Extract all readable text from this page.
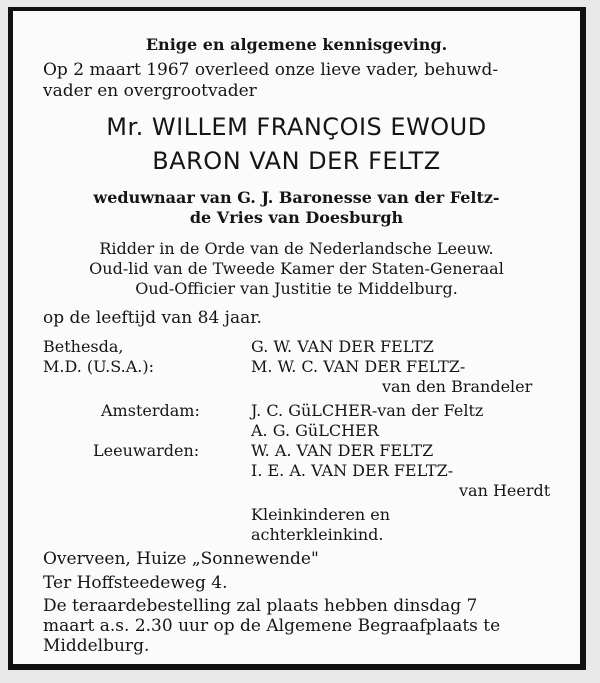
Enige en algemene kennisgeving.
Op 2 maart 1967 overleed onze lieve vader, behuwd-
vader en overgrootvader
Mr. WILLEM FRANÇOIS EWOUD
BARON VAN DER FELTZ
weduwnaar van G. J. Baronesse van der Feltz-
de Vries van Doesburgh
Ridder in de Orde van de Nederlandsche Leeuw.
Oud-lid van de Tweede Kamer der Staten-Generaal
Oud-Officier van Justitie te Middelburg.
op de leeftijd van 84 jaar.
Bethesda,	G. W. VAN DER FELTZ
M.D. (U.S.A.):	M. W. C. VAN DER FELTZ-
van den Brandeler
Amsterdam:	J. C. GüLCHER-van der Feltz
A. G. GüLCHER
Leeuwarden:	W. A. VAN DER FELTZ
I. E. A. VAN DER FELTZ-
van Heerdt
Kleinkinderen en
achterkleinkind.
Overveen, Huize „Sonnewende"
Ter Hoffsteedeweg 4.
De teraardebestelling zal plaats hebben dinsdag 7
maart a.s. 2.30 uur op de Algemene Begraafplaats te
Middelburg.
